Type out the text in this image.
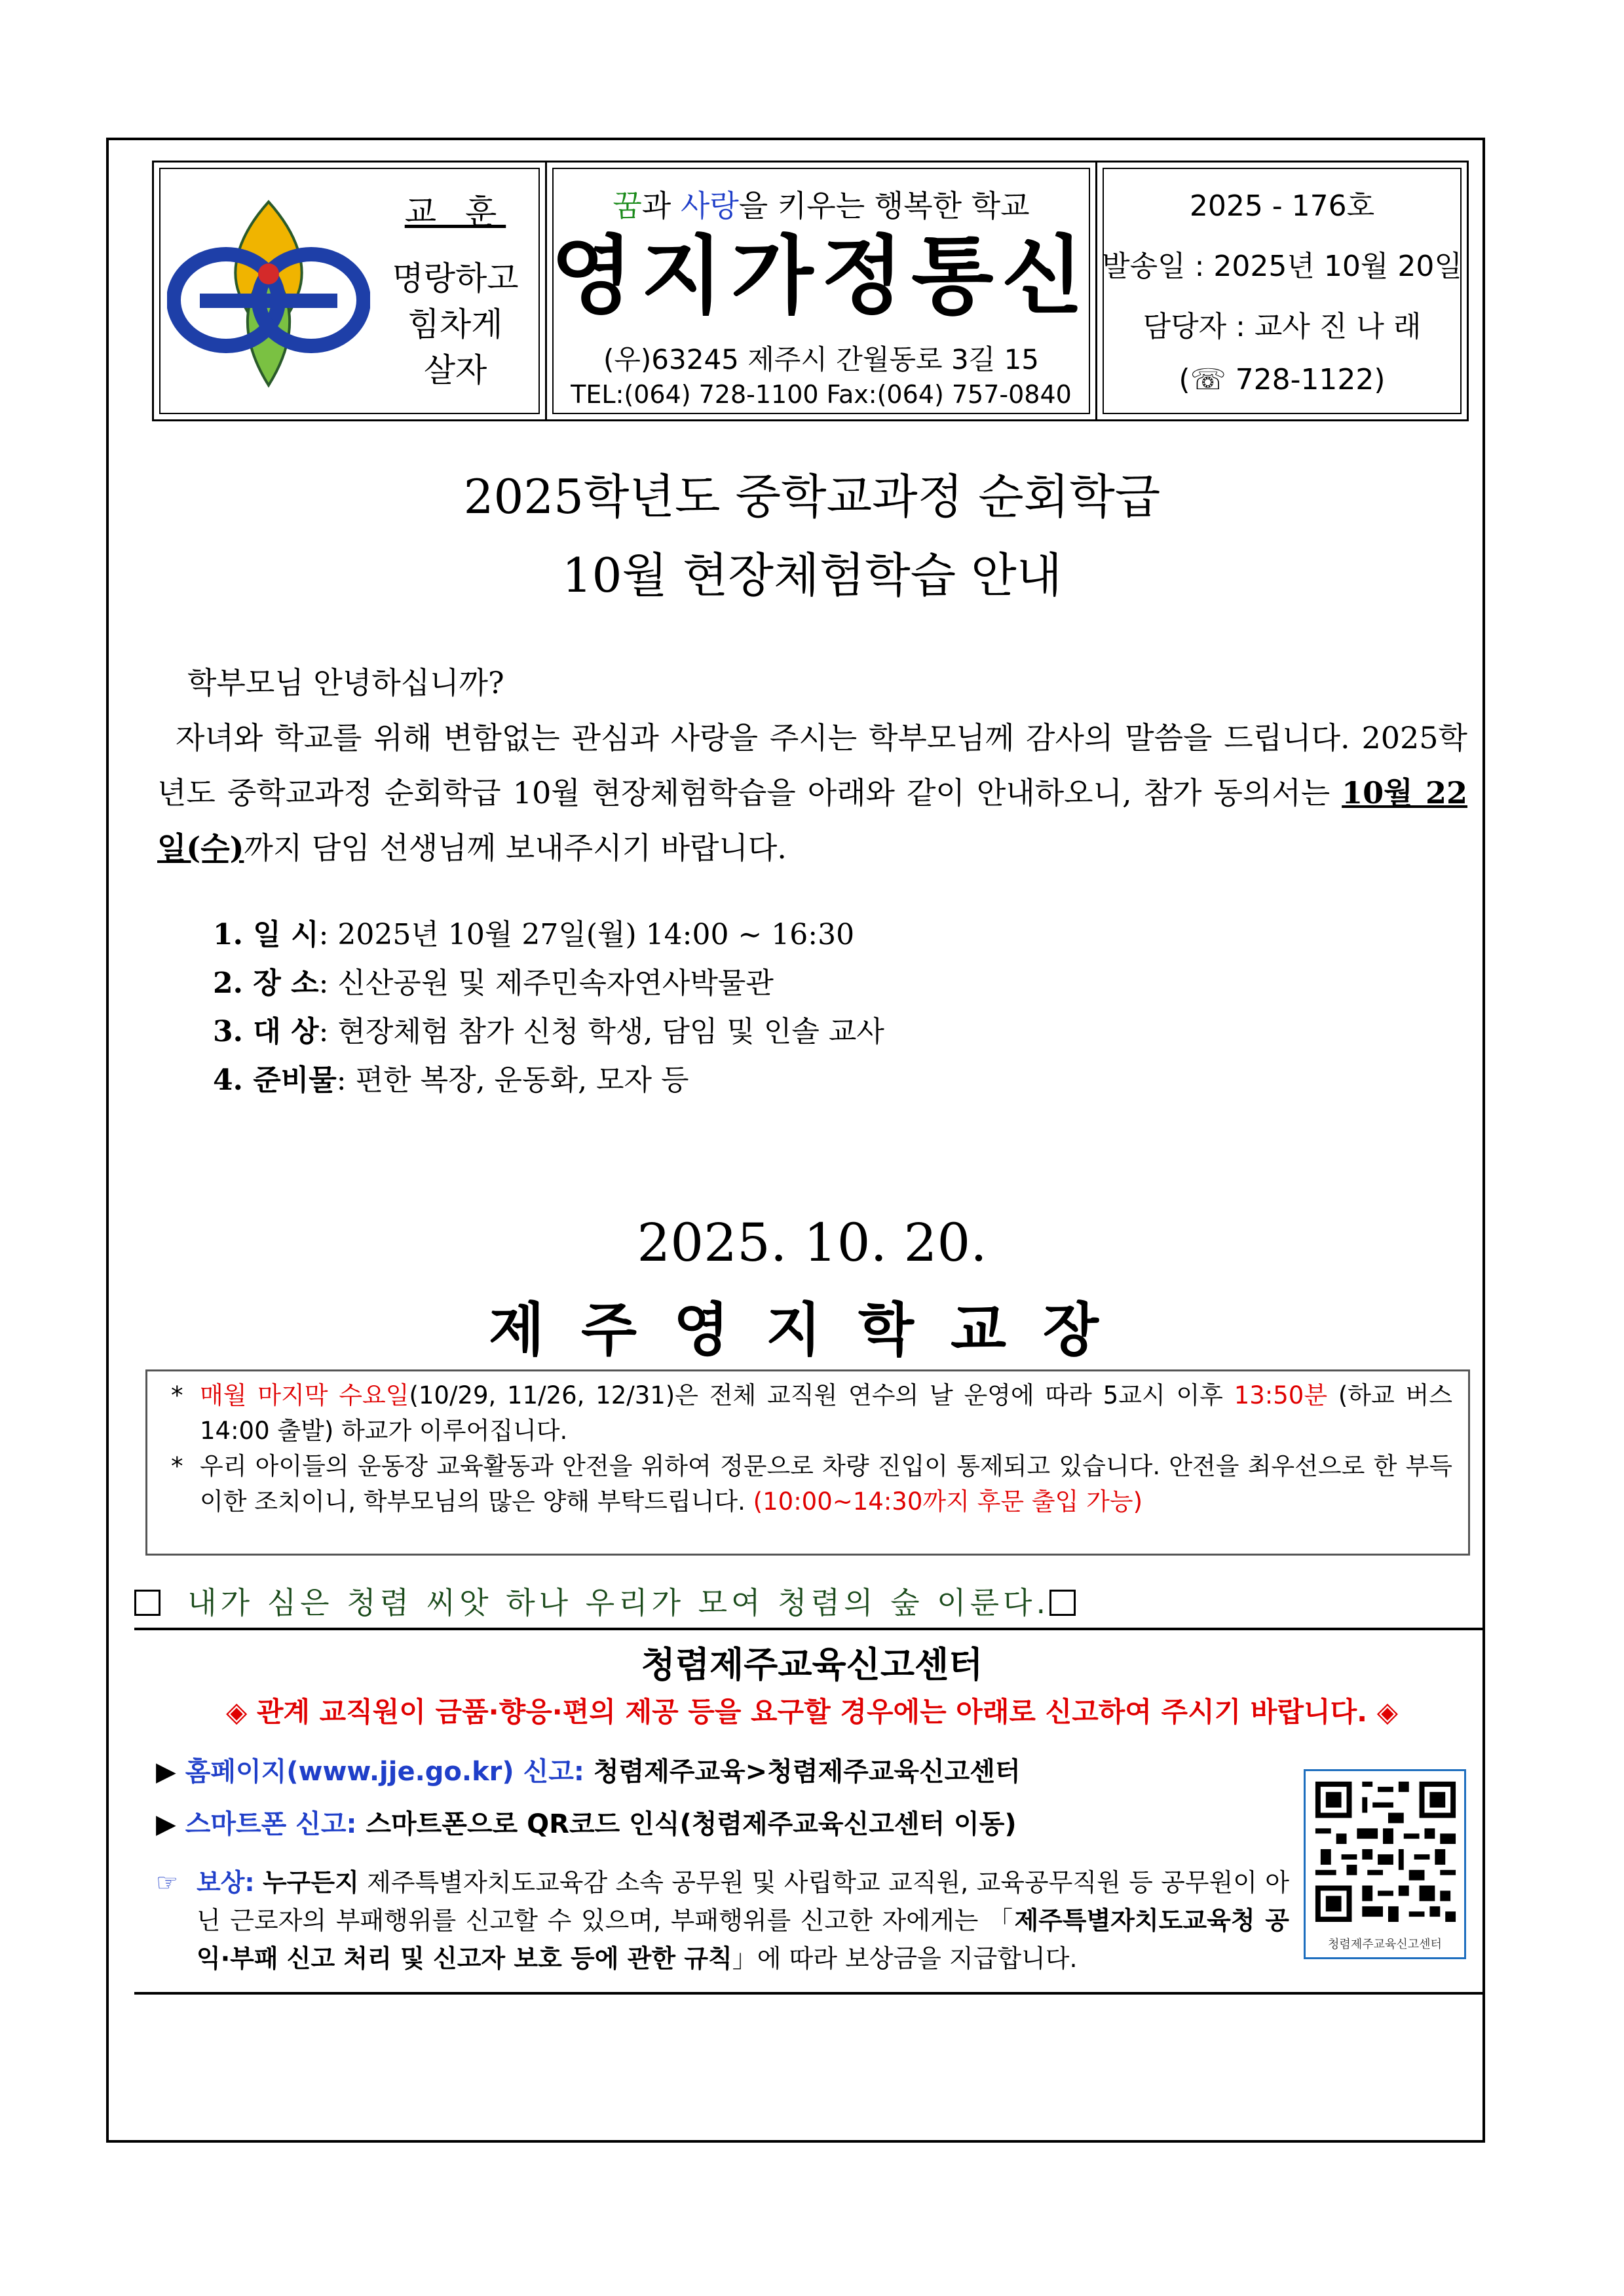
교 훈
명랑하고
힘차게
살자
꿈과 사랑을 키우는 행복한 학교
영지가정통신
(우)63245 제주시 간월동로 3길 15
TEL:(064) 728-1100 Fax:(064) 757-0840
2025 - 176호
발송일 : 2025년 10월 20일
담당자 : 교사 진 나 래
(☏ 728-1122)
2025학년도 중학교과정 순회학급
10월 현장체험학습 안내

학부모님 안녕하십니까?

자녀와 학교를 위해 변함없는 관심과 사랑을 주시는 학부모님께 감사의 말씀을 드립니다. 2025학년도 중학교과정 순회학급 10월 현장체험학습을 아래와 같이 안내하오니, 참가 동의서는 10월 22일(수)까지 담임 선생님께 보내주시기 바랍니다.

1. 일 시: 2025년 10월 27일(월) 14:00 ~ 16:30
2. 장 소: 신산공원 및 제주민속자연사박물관
3. 대 상: 현장체험 참가 신청 학생, 담임 및 인솔 교사
4. 준비물: 편한 복장, 운동화, 모자 등
2025. 10. 20.
제주영지학교장
* 매월 마지막 수요일(10/29, 11/26, 12/31)은 전체 교직원 연수의 날 운영에 따라 5교시 이후 13:50분 (하교 버스 14:00 출발) 하교가 이루어집니다.
* 우리 아이들의 운동장 교육활동과 안전을 위하여 정문으로 차량 진입이 통제되고 있습니다. 안전을 최우선으로 한 부득이한 조치이니, 학부모님의 많은 양해 부탁드립니다. (10:00~14:30까지 후문 출입 가능)
내가 심은 청렴 씨앗 하나 우리가 모여 청렴의 숲 이룬다.
청렴제주교육신고센터
◈ 관계 교직원이 금품·향응·편의 제공 등을 요구할 경우에는 아래로 신고하여 주시기 바랍니다. ◈
▶ 홈페이지(www.jje.go.kr) 신고: 청렴제주교육>청렴제주교육신고센터
▶ 스마트폰 신고: 스마트폰으로 QR코드 인식(청렴제주교육신고센터 이동)
☞ 보상: 누구든지 제주특별자치도교육감 소속 공무원 및 사립학교 교직원, 교육공무직원 등 공무원이 아닌 근로자의 부패행위를 신고할 수 있으며, 부패행위를 신고한 자에게는 「제주특별자치도교육청 공익·부패 신고 처리 및 신고자 보호 등에 관한 규칙」에 따라 보상금을 지급합니다.	청렴제주교육신고센터
